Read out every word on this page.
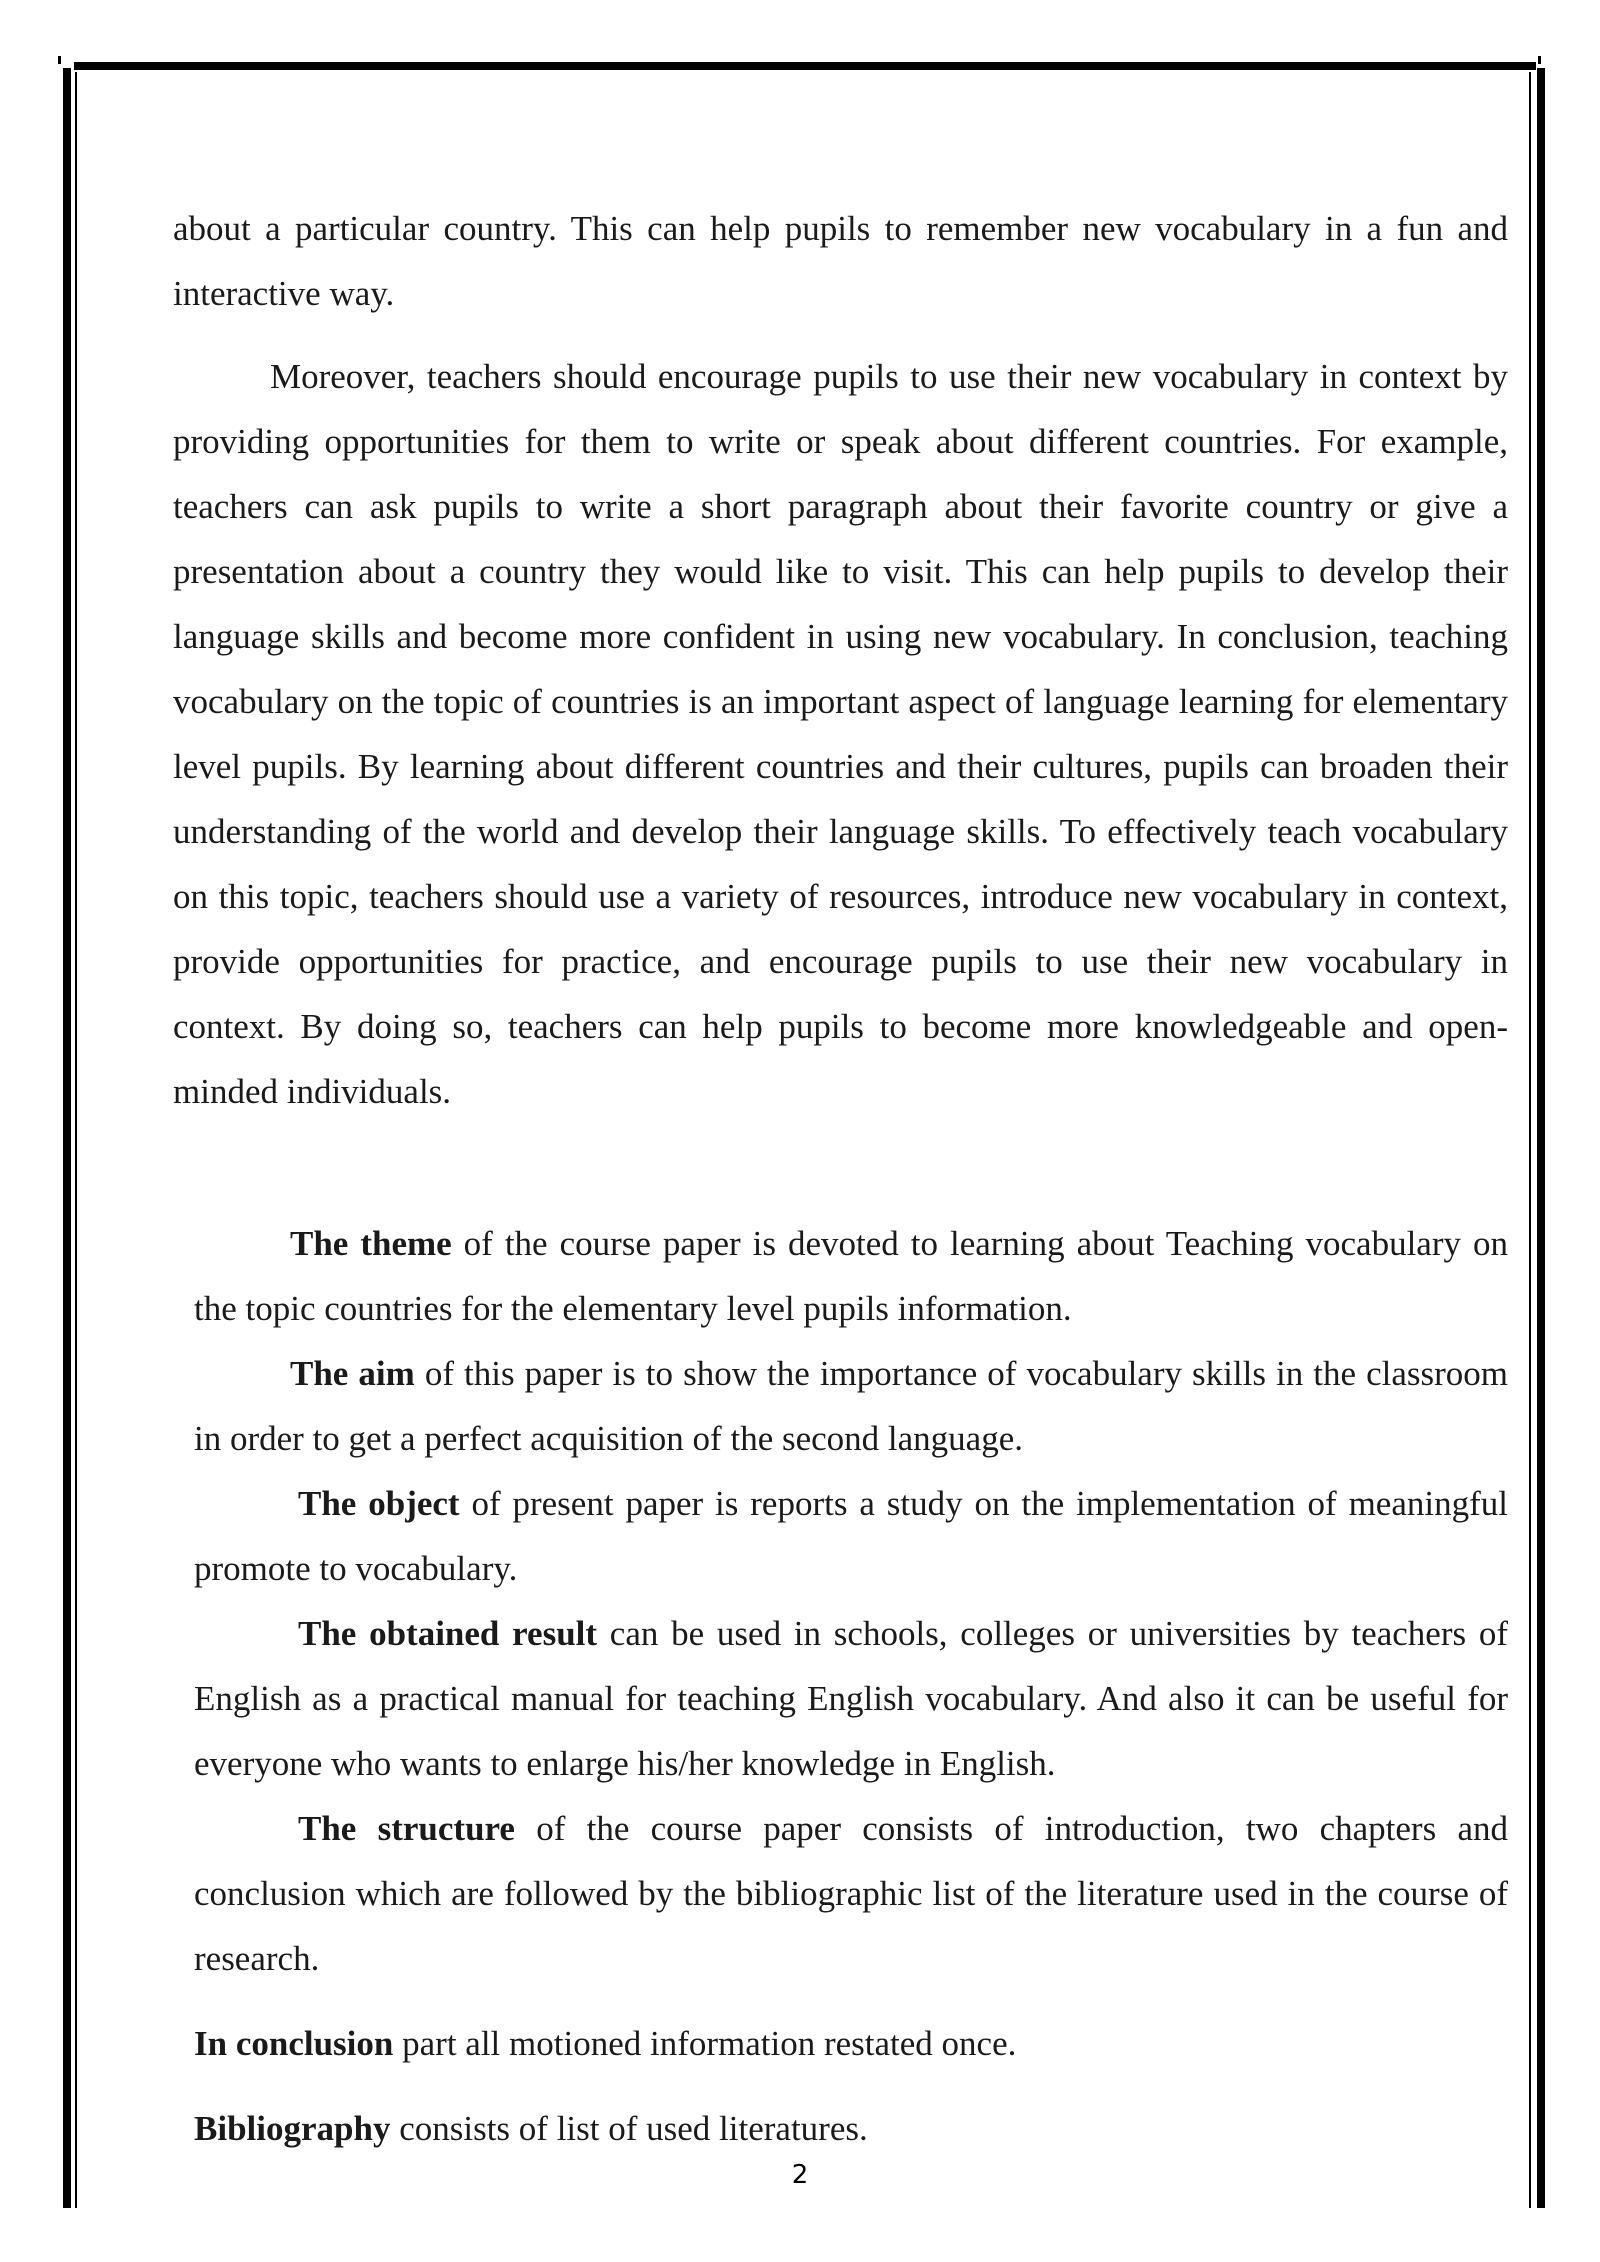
about a particular country. This can help pupils to remember new vocabulary in a fun and interactive way.

Moreover, teachers should encourage pupils to use their new vocabulary in context by providing opportunities for them to write or speak about different countries. For example, teachers can ask pupils to write a short paragraph about their favorite country or give a presentation about a country they would like to visit. This can help pupils to develop their language skills and become more confident in using new vocabulary. In conclusion, teaching vocabulary on the topic of countries is an important aspect of language learning for elementary level pupils. By learning about different countries and their cultures, pupils can broaden their understanding of the world and develop their language skills. To effectively teach vocabulary on this topic, teachers should use a variety of resources, introduce new vocabulary in context, provide opportunities for practice, and encourage pupils to use their new vocabulary in context. By doing so, teachers can help pupils to become more knowledgeable and open-minded individuals.

The theme of the course paper is devoted to learning about Teaching vocabulary on the topic countries for the elementary level pupils information.

The aim of this paper is to show the importance of vocabulary skills in the classroom in order to get a perfect acquisition of the second language.

The object of present paper is reports a study on the implementation of meaningful promote to vocabulary.

The obtained result can be used in schools, colleges or universities by teachers of English as a practical manual for teaching English vocabulary. And also it can be useful for everyone who wants to enlarge his/her knowledge in English.

The structure of the course paper consists of introduction, two chapters and conclusion which are followed by the bibliographic list of the literature used in the course of research.

In conclusion part all motioned information restated once.

Bibliography consists of list of used literatures.

2
